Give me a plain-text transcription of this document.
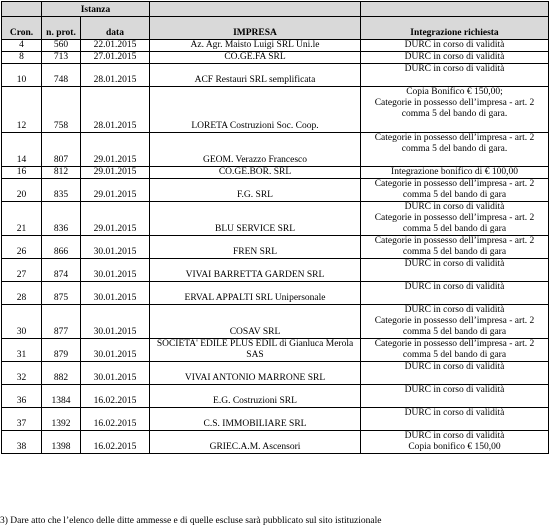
	Istanza			
Cron.	n. prot.	data	IMPRESA	Integrazione richiesta
4	560	22.01.2015	Az. Agr. Maisto Luigi SRL Uni.le	DURC in corso di validità

8	713	27.01.2015	CO.GE.FA SRL	DURC in corso di validità

10	748	28.01.2015	ACF Restauri SRL semplificata	DURC in corso di validità

12	758	28.01.2015	LORETA Costruzioni Soc. Coop.	Copia Bonifico € 150,00;
Categorie in possesso dell’impresa - art. 2
comma 5 del bando di gara.

14	807	29.01.2015	GEOM. Verazzo Francesco	Categorie in possesso dell’impresa - art. 2
comma 5 del bando di gara.

16	812	29.01.2015	CO.GE.BOR. SRL	Integrazione bonifico di € 100,00

20	835	29.01.2015	F.G. SRL	Categorie in possesso dell’impresa - art. 2
comma 5 del bando di gara

21	836	29.01.2015	BLU SERVICE SRL	DURC in corso di validità
Categorie in possesso dell’impresa - art. 2
comma 5 del bando di gara

26	866	30.01.2015	FREN SRL	Categorie in possesso dell’impresa - art. 2
comma 5 del bando di gara

27	874	30.01.2015	VIVAI BARRETTA GARDEN SRL	DURC in corso di validità

28	875	30.01.2015	ERVAL APPALTI SRL Unipersonale	DURC in corso di validità

30	877	30.01.2015	COSAV SRL	DURC in corso di validità
Categorie in possesso dell’impresa - art. 2
comma 5 del bando di gara

31	879	30.01.2015	SOCIETA' EDILE PLUS EDIL di Gianluca Merola SAS	Categorie in possesso dell’impresa - art. 2
comma 5 del bando di gara

32	882	30.01.2015	VIVAI ANTONIO MARRONE SRL	DURC in corso di validità

36	1384	16.02.2015	E.G. Costruzioni SRL	DURC in corso di validità

37	1392	16.02.2015	C.S. IMMOBILIARE SRL	DURC in corso di validità

38	1398	16.02.2015	GRIEC.A.M. Ascensori	DURC in corso di validità
Copia bonifico € 150,00
3) Dare atto che l’elenco delle ditte ammesse e di quelle escluse sarà pubblicato sul sito istituzionale
